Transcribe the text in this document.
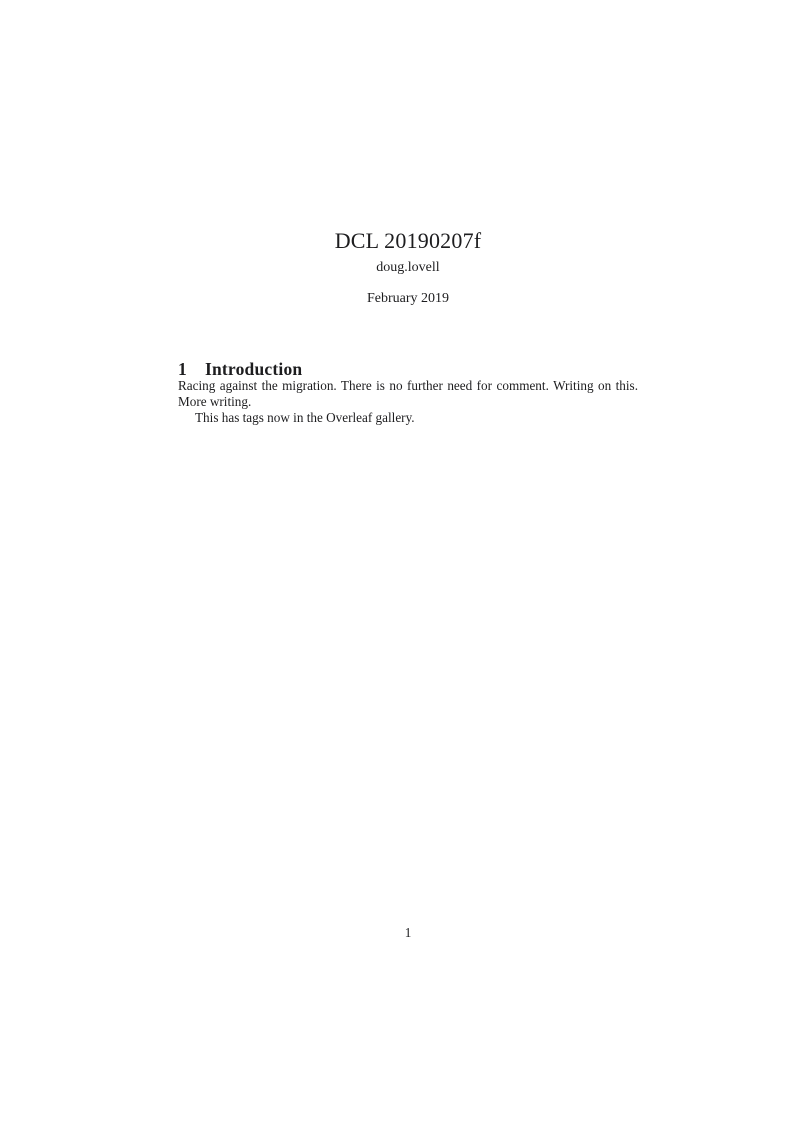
DCL 20190207f
doug.lovell
February 2019
1 Introduction

Racing against the migration. There is no further need for comment. Writing on this. More writing.

This has tags now in the Overleaf gallery.

1
